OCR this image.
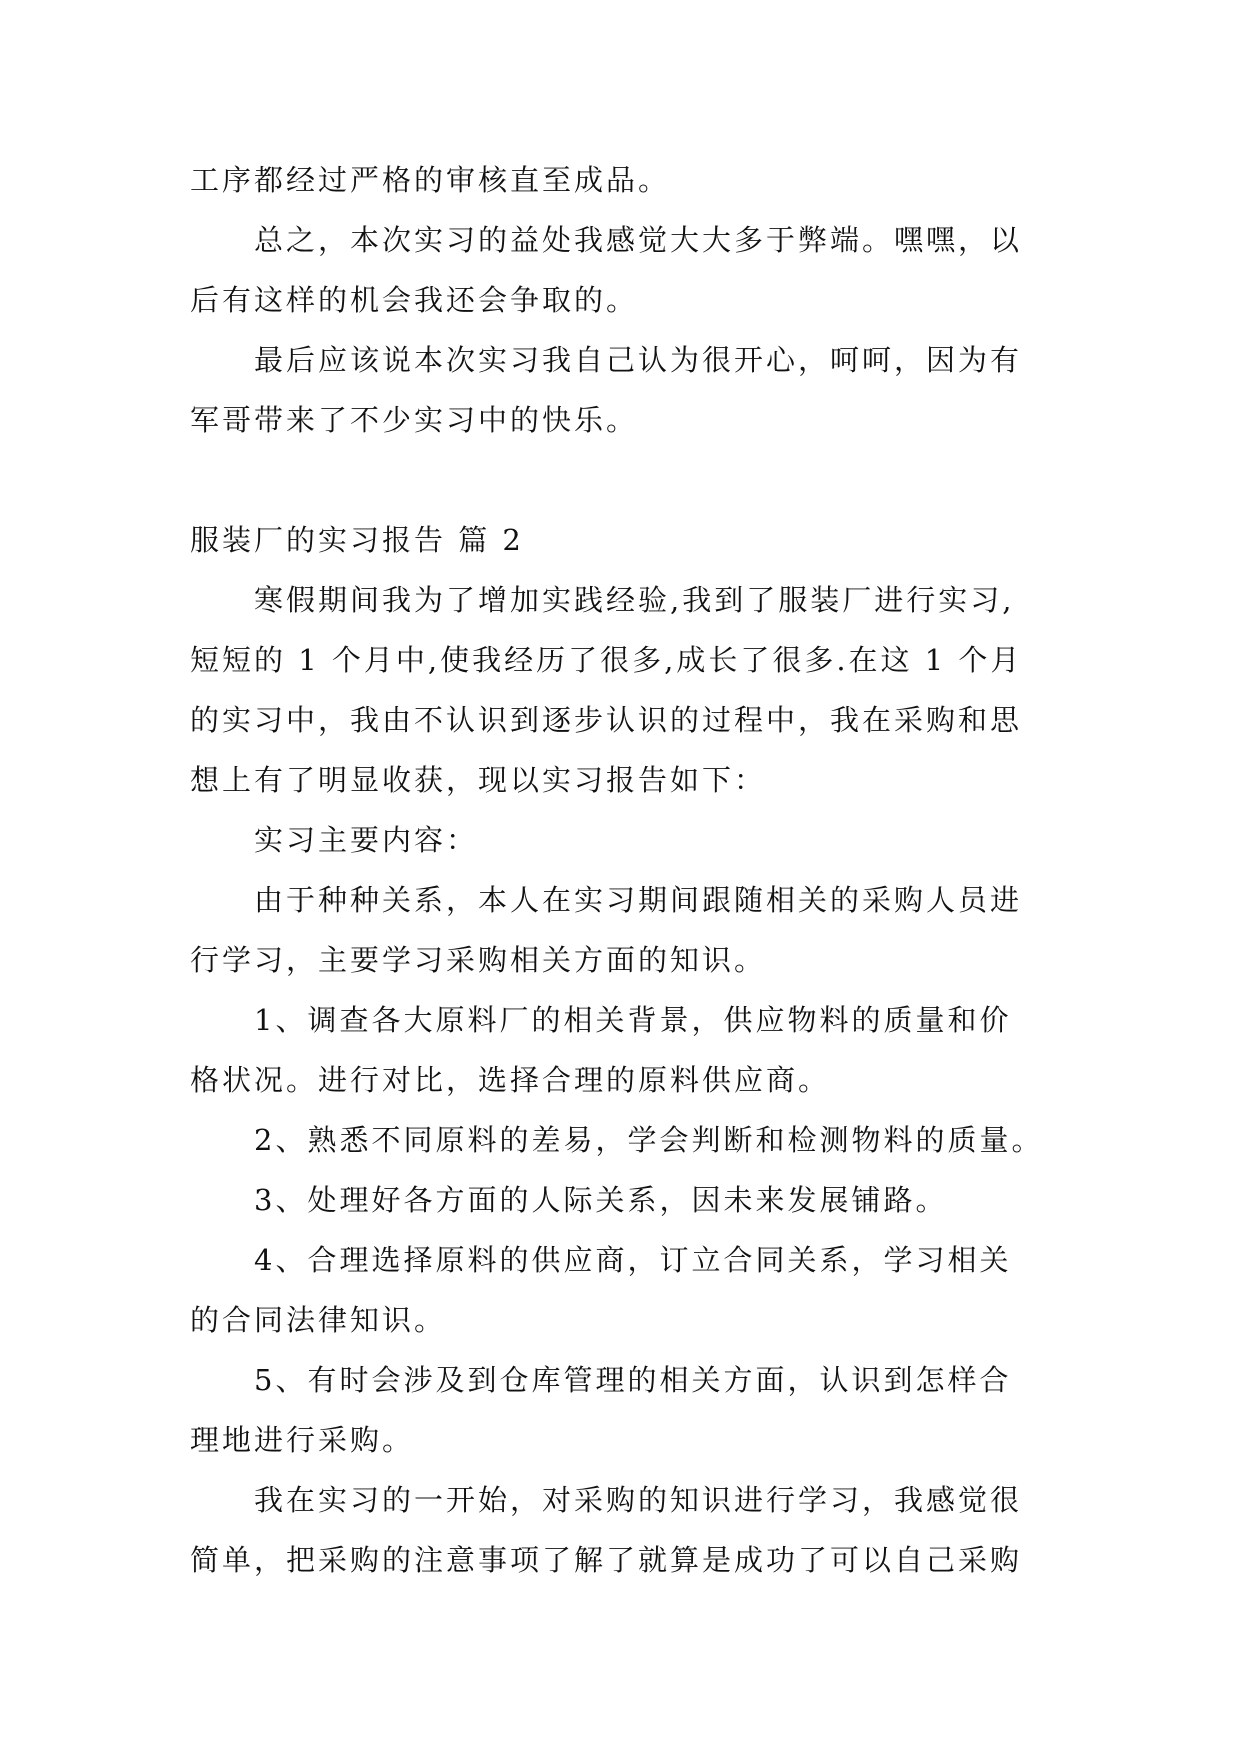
工序都经过严格的审核直至成品。
总之，本次实习的益处我感觉大大多于弊端。嘿嘿，以
后有这样的机会我还会争取的。
最后应该说本次实习我自己认为很开心，呵呵，因为有
军哥带来了不少实习中的快乐。
服装厂的实习报告 篇 2
寒假期间我为了增加实践经验,我到了服装厂进行实习,
短短的 1 个月中,使我经历了很多,成长了很多.在这 1 个月
的实习中，我由不认识到逐步认识的过程中，我在采购和思
想上有了明显收获，现以实习报告如下：
实习主要内容：
由于种种关系，本人在实习期间跟随相关的采购人员进
行学习，主要学习采购相关方面的知识。
1、调查各大原料厂的相关背景，供应物料的质量和价
格状况。进行对比，选择合理的原料供应商。
2、熟悉不同原料的差易，学会判断和检测物料的质量。
3、处理好各方面的人际关系，因未来发展铺路。
4、合理选择原料的供应商，订立合同关系，学习相关
的合同法律知识。
5、有时会涉及到仓库管理的相关方面，认识到怎样合
理地进行采购。
我在实习的一开始，对采购的知识进行学习，我感觉很
简单，把采购的注意事项了解了就算是成功了可以自己采购
